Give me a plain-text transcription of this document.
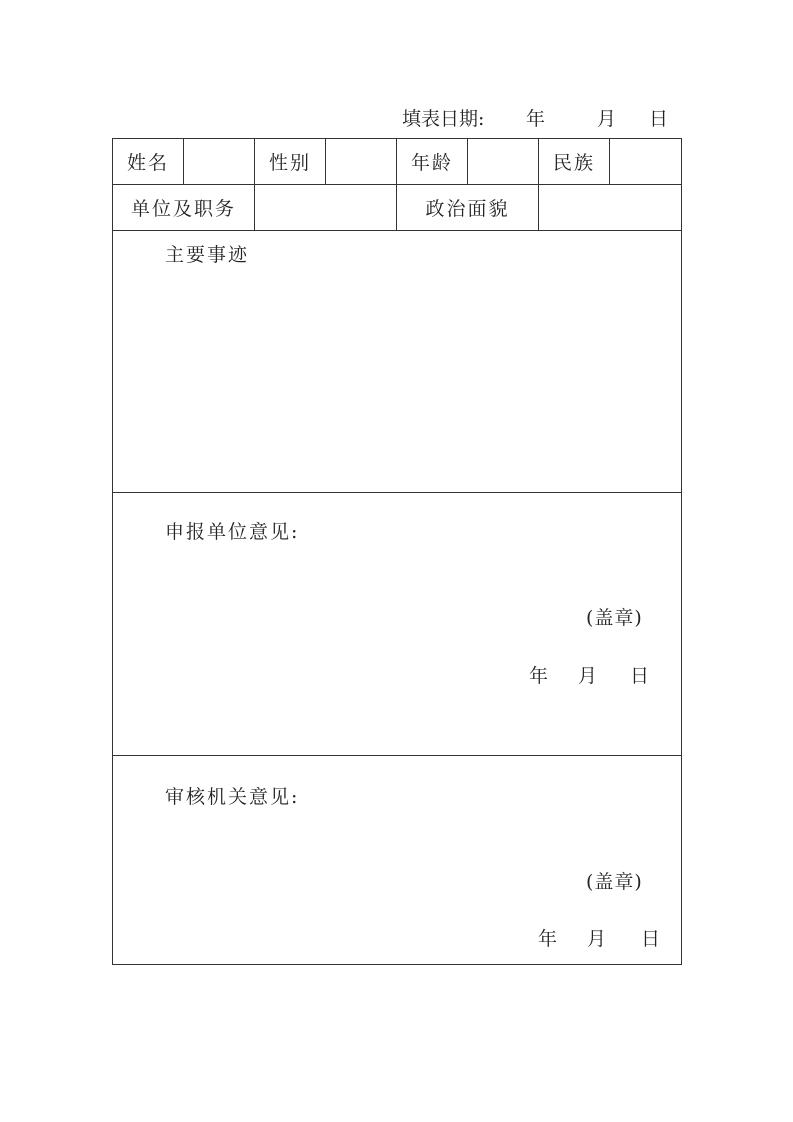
填表日期: 年	月 日
姓名		性别		年龄		民族	
单位及职务				政治面貌			

主要事迹							

申报单位意见:
(盖章)
年 月 日							

审核机关意见:
(盖章)
年 月 日							
